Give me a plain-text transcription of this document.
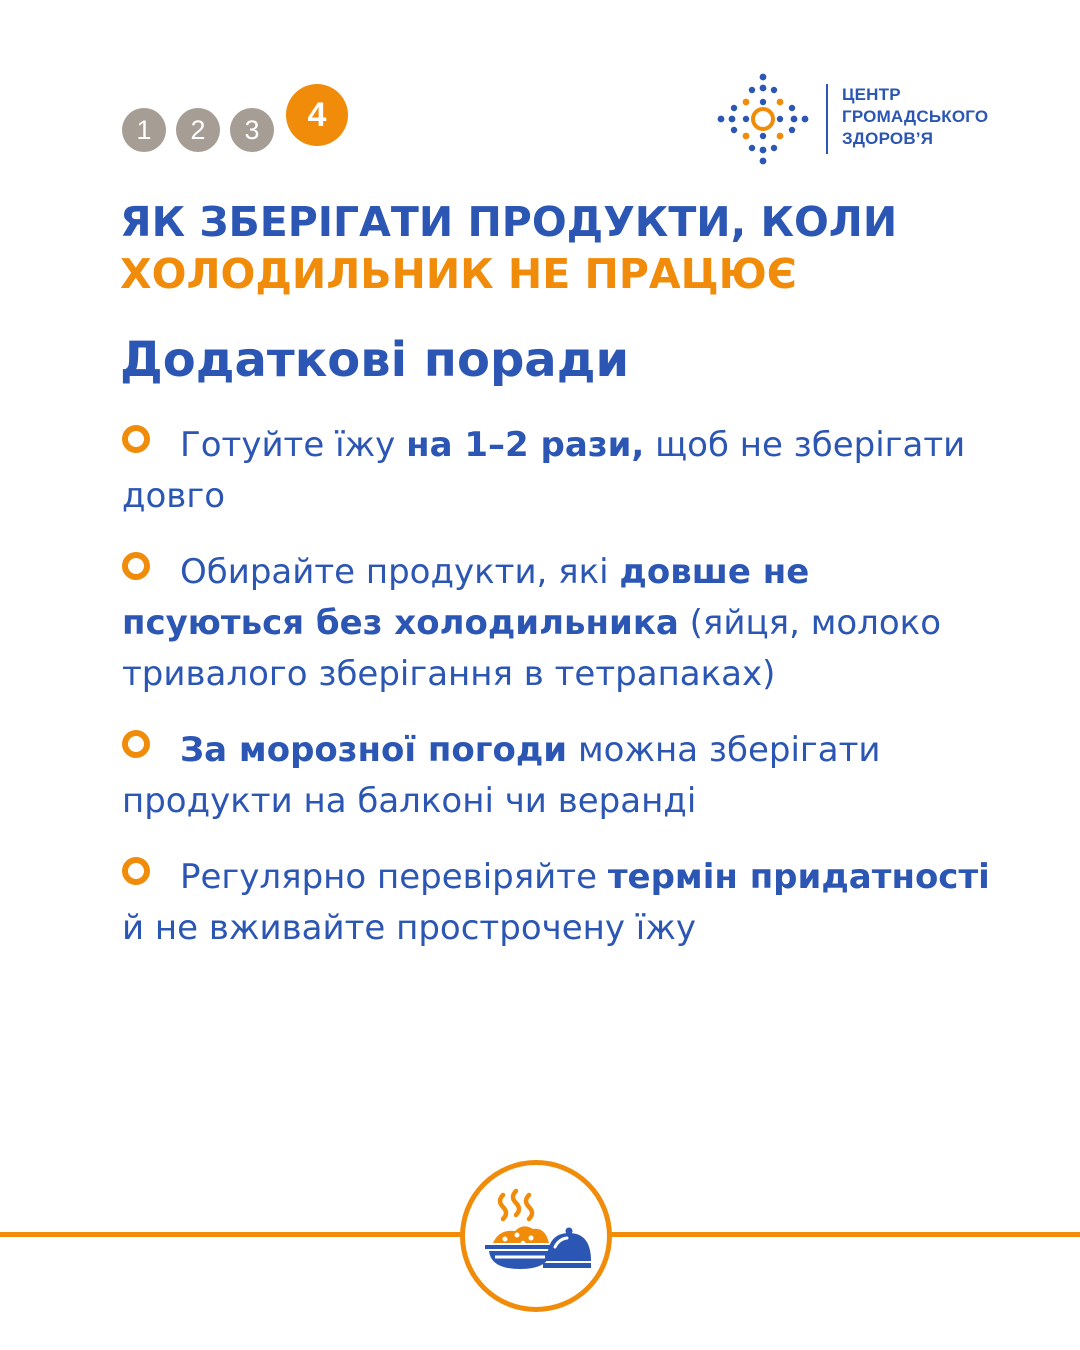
1	2	3	4
ЦЕНТР
ГРОМАДСЬКОГО
ЗДОРОВ’Я
ЯК ЗБЕРІГАТИ ПРОДУКТИ, КОЛИ
ХОЛОДИЛЬНИК НЕ ПРАЦЮЄ
Додаткові поради
Готуйте їжу на 1–2 рази, щоб не зберігати довго
Обирайте продукти, які довше не псуються без холодильника (яйця, молоко тривалого зберігання в тетрапаках)
За морозної погоди можна зберігати продукти на балконі чи веранді
Регулярно перевіряйте термін придатності й не вживайте прострочену їжу
